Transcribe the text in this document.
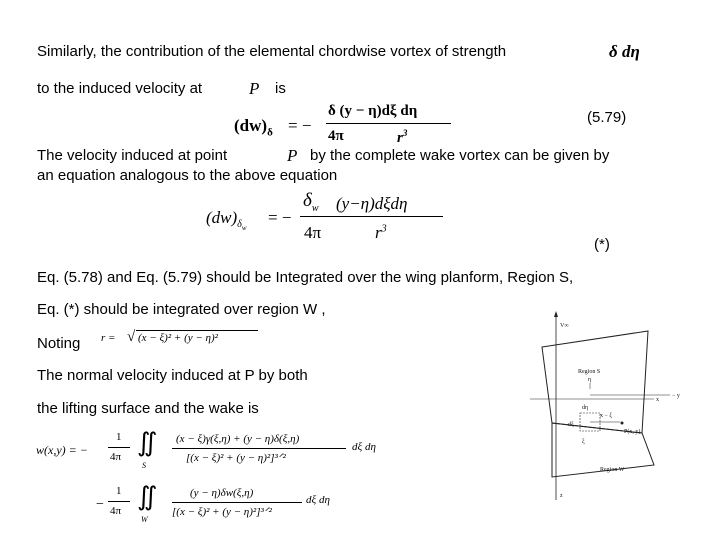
Similarly, the contribution of the elemental chordwise vortex of strength	δ dη
to the induced velocity at	P is
$(dw)_\delta$ = −
δ (y − η)dξ dη
4π	$r^3$
(5.79)
The velocity induced at point	P by the complete wake vortex can be given by
an equation analogous to the above equation
$(dw)_{\delta_w}$
= −
$\delta_w$ (y−η)dξdη
4π	$r^3$
(*)
Eq. (5.78) and Eq. (5.79) should be Integrated over the wing planform, Region S,
Eq. (*) should be integrated over region W ,
Noting r = √ (x − ξ)² + (y − η)²
The normal velocity induced at P by both
the lifting surface and the wake is
w(x,y) = −
1
4π ∬
S
(x − ξ)γ(ξ,η) + (y − η)δ(ξ,η)
[(x − ξ)² + (y − η)²]³ᐟ²
dξ dη
−
1
4π ∬
W
(y − η)δw(ξ,η)
[(x − ξ)² + (y − η)²]³ᐟ²
dξ dη
V∞
z
Region S
Region W
x
− y
η
dη
dξ
ξ
x − ξ
P(x, y)
